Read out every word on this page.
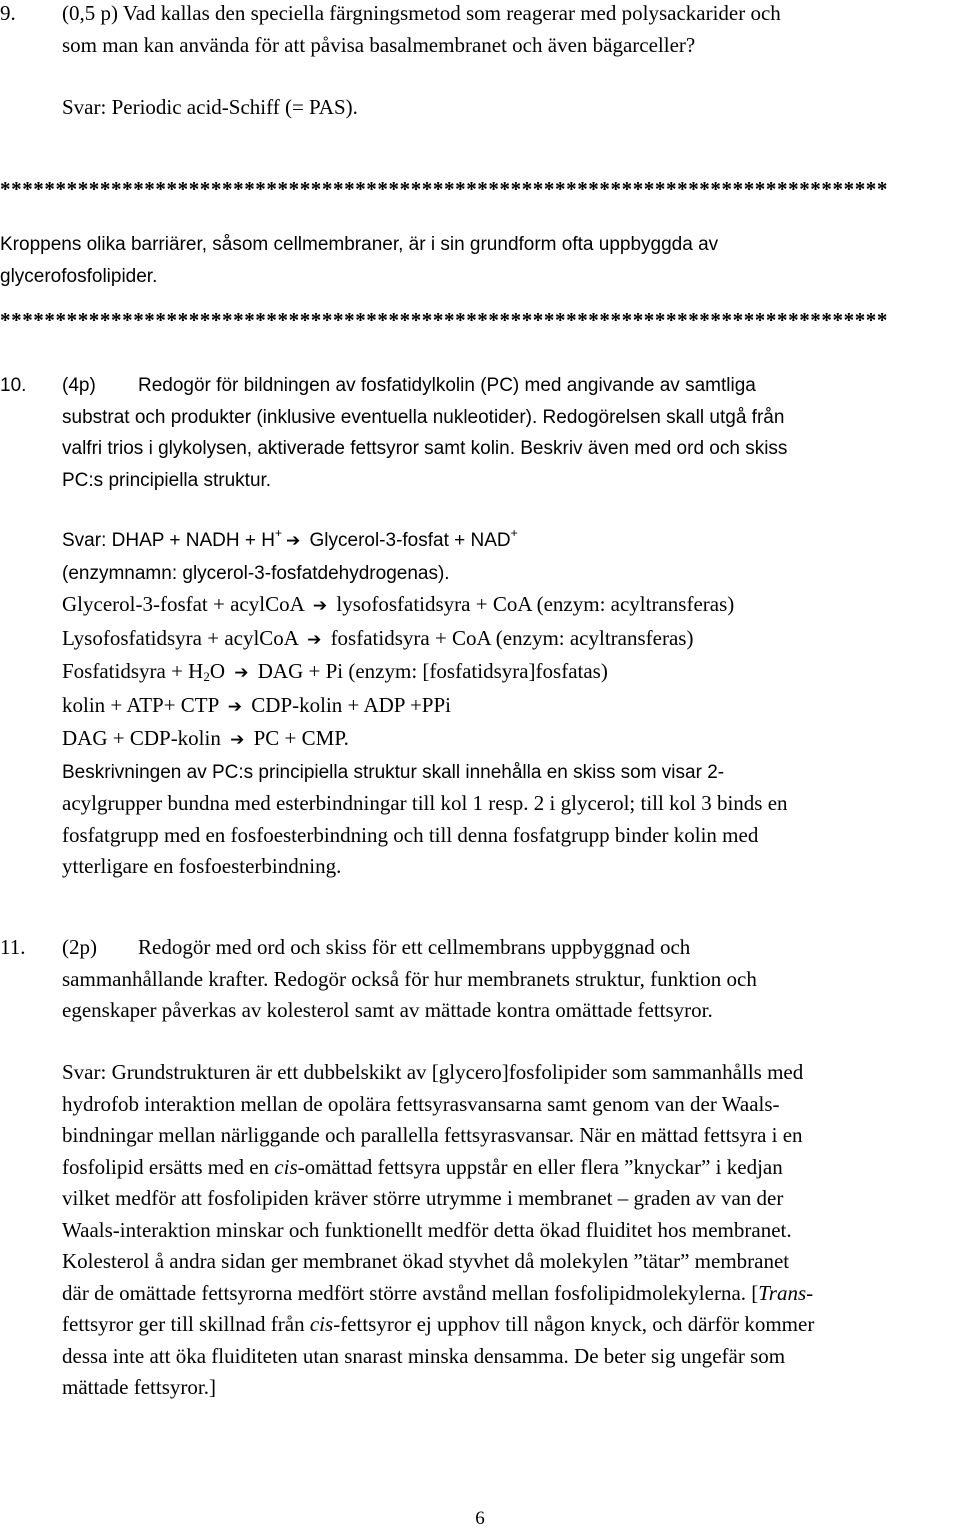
9. (0,5 p) Vad kallas den speciella färgningsmetod som reagerar med polysackarider och
som man kan använda för att påvisa basalmembranet och även bägarceller?
Svar: Periodic acid-Schiff (= PAS).
********************************************************************************
Kroppens olika barriärer, såsom cellmembraner, är i sin grundform ofta uppbyggda av
glycerofosfolipider.
********************************************************************************
10. (4p) Redogör för bildningen av fosfatidylkolin (PC) med angivande av samtliga
substrat och produkter (inklusive eventuella nukleotider). Redogörelsen skall utgå från
valfri trios i glykolysen, aktiverade fettsyror samt kolin. Beskriv även med ord och skiss
PC:s principiella struktur.
Svar: DHAP + NADH + H+ ➔ Glycerol-3-fosfat + NAD+
(enzymnamn: glycerol-3-fosfatdehydrogenas).
Glycerol-3-fosfat + acylCoA ➔ lysofosfatidsyra + CoA (enzym: acyltransferas)
Lysofosfatidsyra + acylCoA ➔ fosfatidsyra + CoA (enzym: acyltransferas)
Fosfatidsyra + $H_2O$ ➔ DAG + Pi (enzym: [fosfatidsyra]fosfatas)
kolin + ATP+ CTP ➔ CDP-kolin + ADP +PPi
DAG + CDP-kolin ➔ PC + CMP.
Beskrivningen av PC:s principiella struktur skall innehålla en skiss som visar 2-
acylgrupper bundna med esterbindningar till kol 1 resp. 2 i glycerol; till kol 3 binds en
fosfatgrupp med en fosfoesterbindning och till denna fosfatgrupp binder kolin med
ytterligare en fosfoesterbindning.
11. (2p) Redogör med ord och skiss för ett cellmembrans uppbyggnad och
sammanhållande krafter. Redogör också för hur membranets struktur, funktion och
egenskaper påverkas av kolesterol samt av mättade kontra omättade fettsyror.
Svar: Grundstrukturen är ett dubbelskikt av [glycero]fosfolipider som sammanhålls med
hydrofob interaktion mellan de opolära fettsyrasvansarna samt genom van der Waals-
bindningar mellan närliggande och parallella fettsyrasvansar. När en mättad fettsyra i en
fosfolipid ersätts med en cis-omättad fettsyra uppstår en eller flera ”knyckar” i kedjan
vilket medför att fosfolipiden kräver större utrymme i membranet – graden av van der
Waals-interaktion minskar och funktionellt medför detta ökad fluiditet hos membranet.
Kolesterol å andra sidan ger membranet ökad styvhet då molekylen ”tätar” membranet
där de omättade fettsyrorna medfört större avstånd mellan fosfolipidmolekylerna. [Trans-
fettsyror ger till skillnad från cis-fettsyror ej upphov till någon knyck, och därför kommer
dessa inte att öka fluiditeten utan snarast minska densamma. De beter sig ungefär som
mättade fettsyror.]
6
